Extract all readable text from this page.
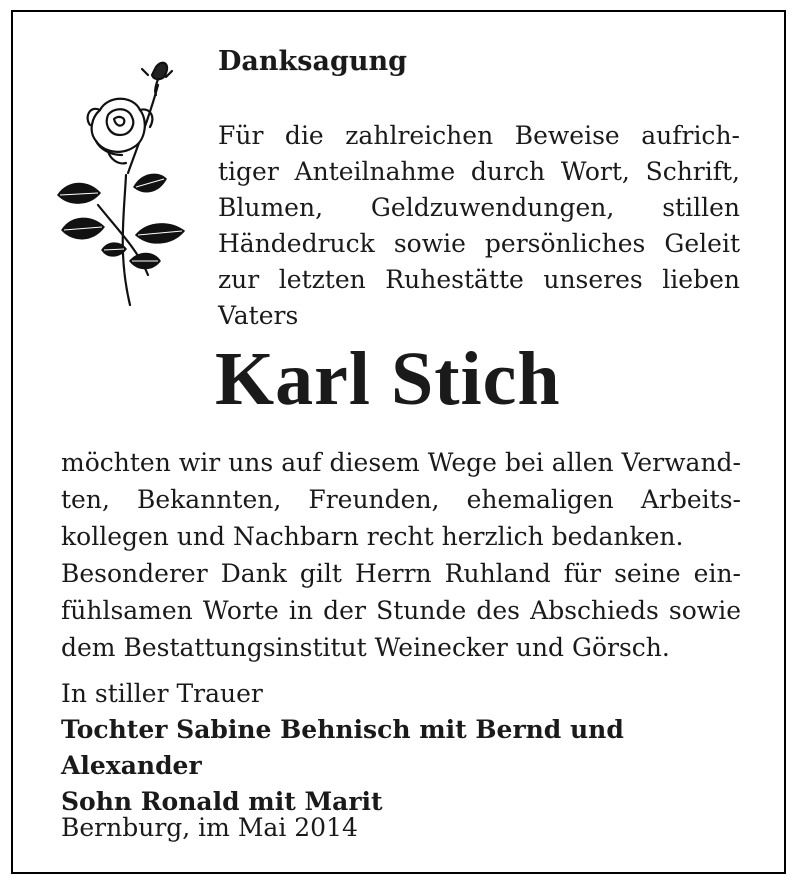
Danksagung

Für die zahlreichen Beweise aufrich-
tiger Anteilnahme durch Wort, Schrift,
Blumen, Geldzuwendungen, stillen
Händedruck sowie persönliches Geleit
zur letzten Ruhestätte unseres lieben
Vaters

Karl Stich

möchten wir uns auf diesem Wege bei allen Verwand-
ten, Bekannten, Freunden, ehemaligen Arbeits-
kollegen und Nachbarn recht herzlich bedanken.
Besonderer Dank gilt Herrn Ruhland für seine ein-
fühlsamen Worte in der Stunde des Abschieds sowie
dem Bestattungsinstitut Weinecker und Görsch.

In stiller Trauer

Tochter Sabine Behnisch mit Bernd und Alexander
Sohn Ronald mit Marit

Bernburg, im Mai 2014
